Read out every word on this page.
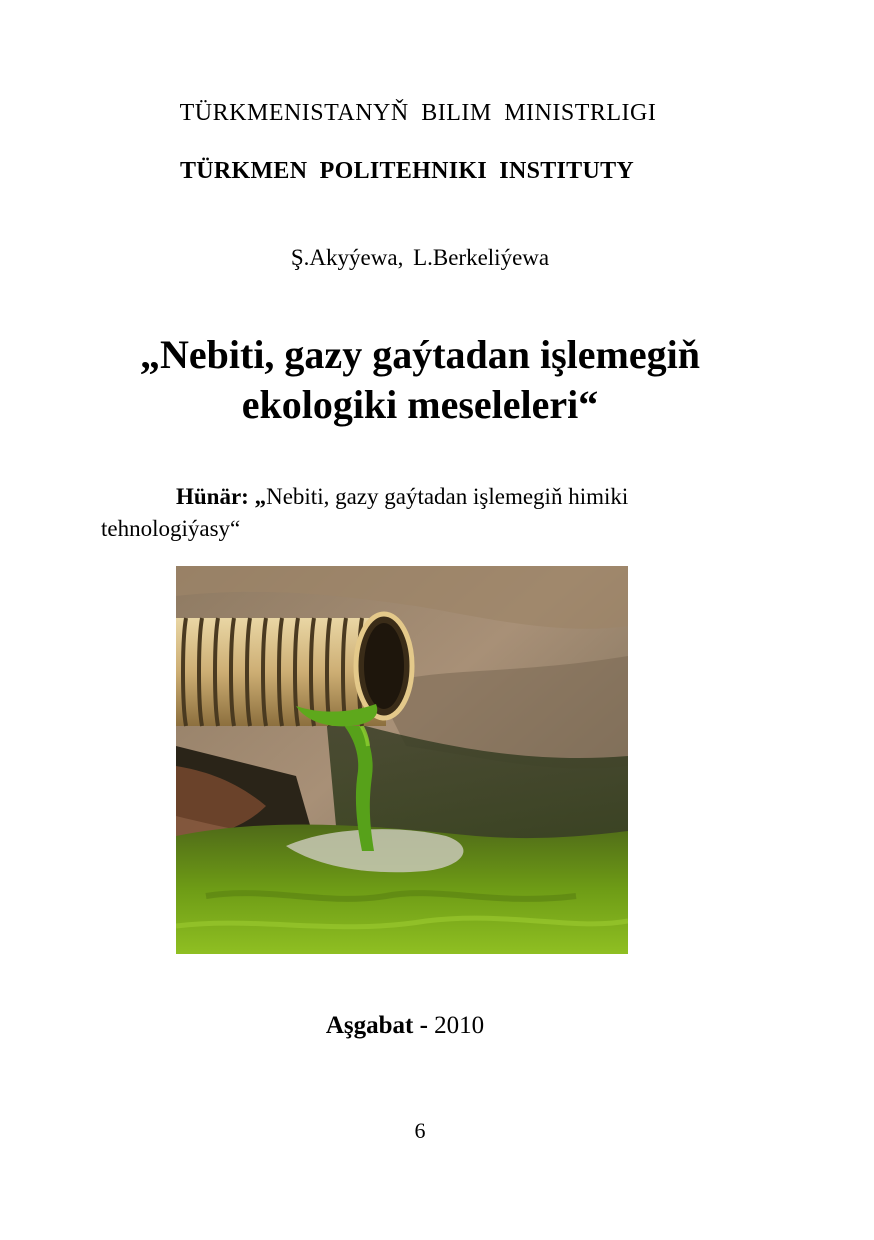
TÜRKMENISTANYŇ BILIM MINISTRLIGI
TÜRKMEN POLITEHNIKI INSTITUTY
Ş.Akyýewa, L.Berkeliýewa
„Nebiti, gazy gaýtadan işlemegiň
ekologiki meseleleri“
Hünär: „Nebiti, gazy gaýtadan işlemegiň himiki
tehnologiýasy“
Aşgabat - 2010
6
